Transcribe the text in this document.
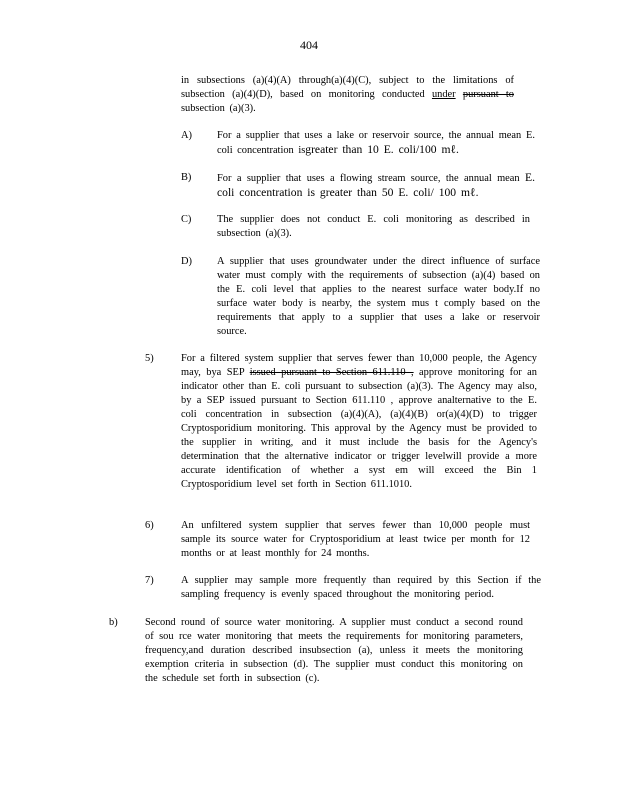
404
in subsections (a)(4)(A) through(a)(4)(C), subject to the limitations of subsection (a)(4)(D), based on monitoring conducted under pursuant to subsection (a)(3).
A) For a supplier that uses a lake or reservoir source, the annual mean E. coli concentration isgreater than 10 E. coli/100 mℓ.
B) For a supplier that uses a flowing stream source, the annual mean E. coli concentration is greater than 50 E. coli/ 100 mℓ.
C) The supplier does not conduct E. coli monitoring as described in subsection (a)(3).
D) A supplier that uses groundwater under the direct influence of surface water must comply with the requirements of subsection (a)(4) based on the E. coli level that applies to the nearest surface water body.If no surface water body is nearby, the system mus t comply based on the requirements that apply to a supplier that uses a lake or reservoir source.
5)	For a filtered system supplier that serves fewer than 10,000 people, the Agency may, bya SEP issued pursuant to Section 611.110 , approve monitoring for an indicator other than E. coli pursuant to subsection (a)(3). The Agency may also, by a SEP issued pursuant to Section 611.110 , approve analternative to the E. coli concentration in subsection (a)(4)(A), (a)(4)(B) or(a)(4)(D) to trigger Cryptosporidium monitoring. This approval by the Agency must be provided to the supplier in writing, and it must include the basis for the Agency's determination that the alternative indicator or trigger levelwill provide a more accurate identification of whether a syst em will exceed the Bin 1 Cryptosporidium level set forth in Section 611.1010.
6)	An unfiltered system supplier that serves fewer than 10,000 people must sample its source water for Cryptosporidium at least twice per month for 12 months or at least monthly for 24 months.
7)	A supplier may sample more frequently than required by this Section if the sampling frequency is evenly spaced throughout the monitoring period.
b)	Second round of source water monitoring. A supplier must conduct a second round of sou rce water monitoring that meets the requirements for monitoring parameters, frequency,and duration described insubsection (a), unless it meets the monitoring exemption criteria in subsection (d). The supplier must conduct this monitoring on the schedule set forth in subsection (c).
